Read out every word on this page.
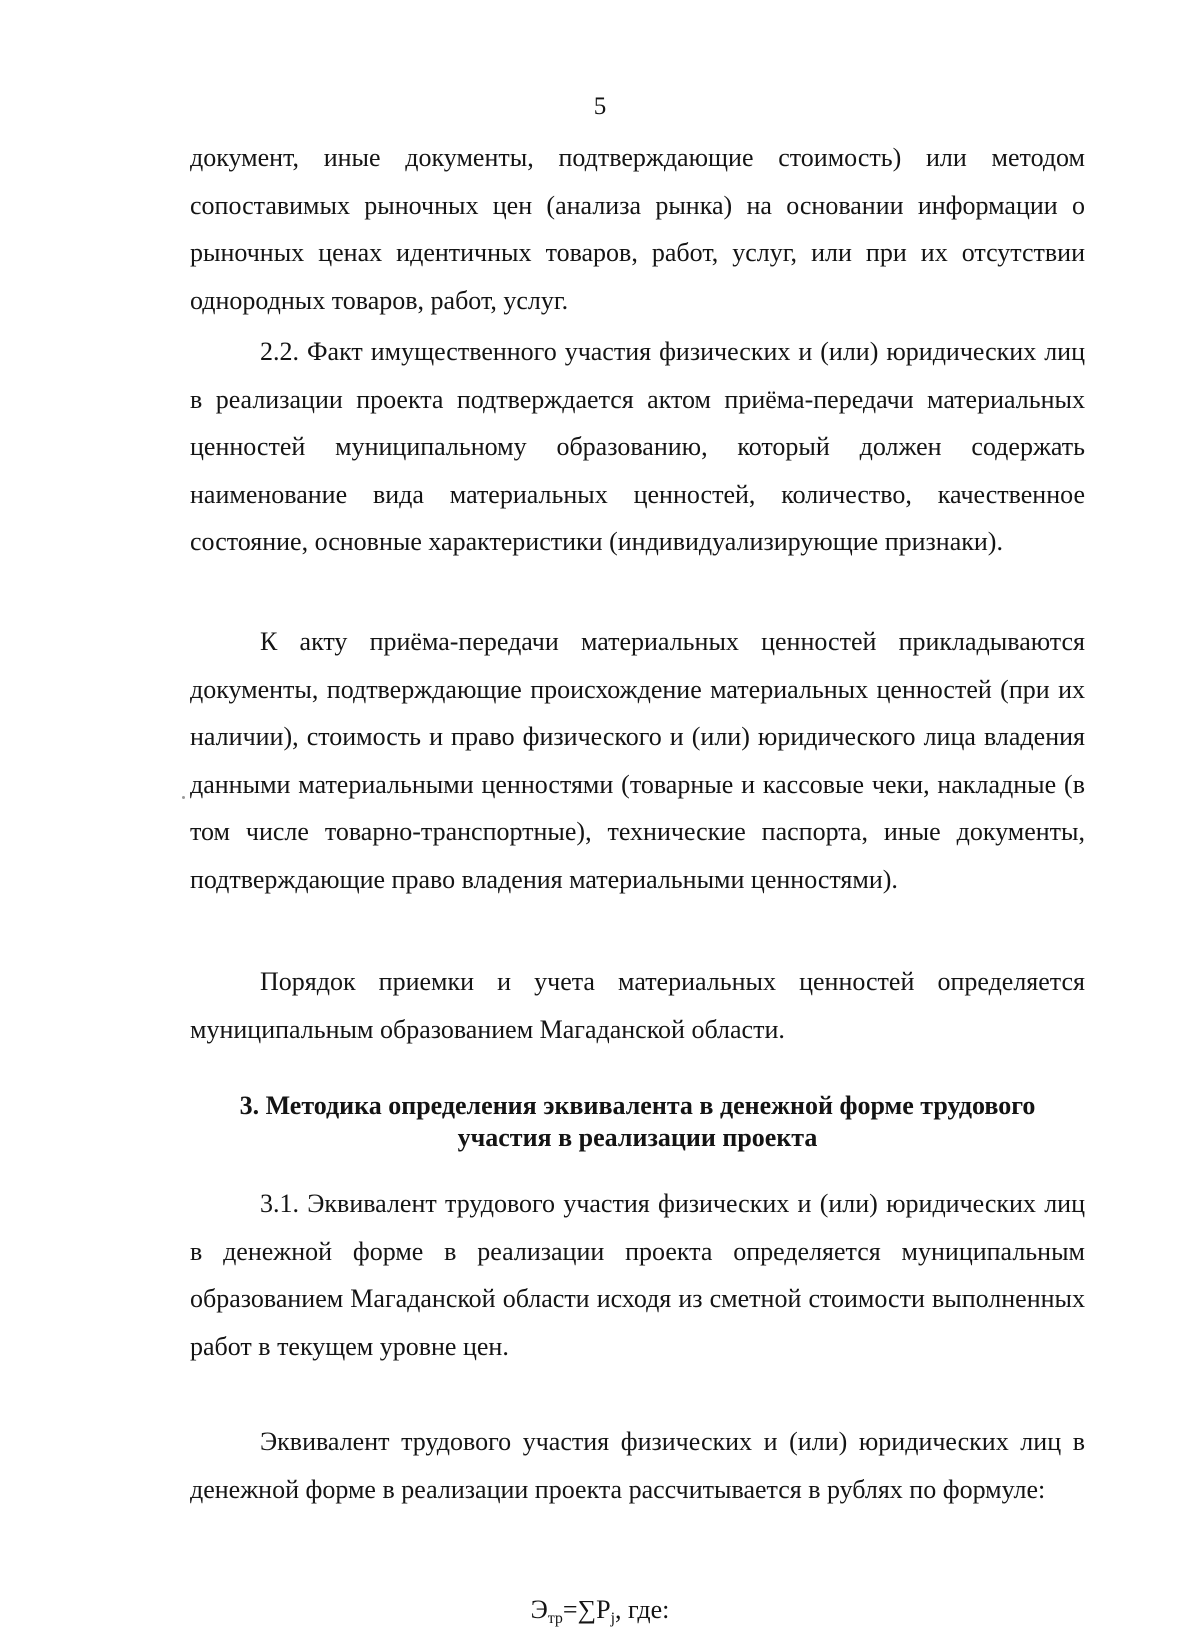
5

документ, иные документы, подтверждающие стоимость) или методом сопоставимых рыночных цен (анализа рынка) на основании информации о рыночных ценах идентичных товаров, работ, услуг, или при их отсутствии однородных товаров, работ, услуг.

2.2. Факт имущественного участия физических и (или) юридических лиц в реализации проекта подтверждается актом приёма-передачи материальных ценностей муниципальному образованию, который должен содержать наименование вида материальных ценностей, количество, качественное состояние, основные характеристики (индивидуализирующие признаки).

К акту приёма-передачи материальных ценностей прикладываются документы, подтверждающие происхождение материальных ценностей (при их наличии), стоимость и право физического и (или) юридического лица владения данными материальными ценностями (товарные и кассовые чеки, накладные (в том числе товарно-транспортные), технические паспорта, иные документы, подтверждающие право владения материальными ценностями).

Порядок приемки и учета материальных ценностей определяется муниципальным образованием Магаданской области.

3. Методика определения эквивалента в денежной форме трудового
участия в реализации проекта

3.1. Эквивалент трудового участия физических и (или) юридических лиц в денежной форме в реализации проекта определяется муниципальным образованием Магаданской области исходя из сметной стоимости выполненных работ в текущем уровне цен.

Эквивалент трудового участия физических и (или) юридических лиц в денежной форме в реализации проекта рассчитывается в рублях по формуле:

$Э_{тр}=\sum P_j$, где:
